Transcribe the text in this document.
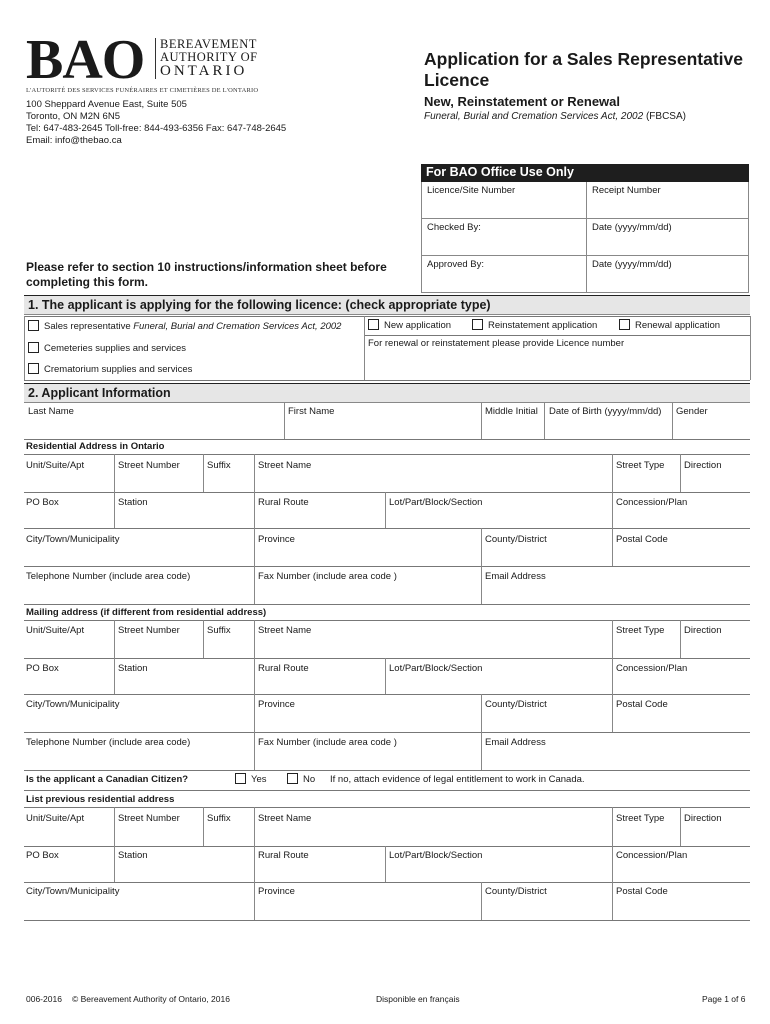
BAO BEREAVEMENT
AUTHORITY OF
ONTARIO
L'AUTORITÉ DES SERVICES FUNÉRAIRES ET CIMETIÈRES DE L'ONTARIO
100 Sheppard Avenue East, Suite 505
Toronto, ON M2N 6N5
Tel: 647-483-2645 Toll-free: 844-493-6356 Fax: 647-748-2645
Email: info@thebao.ca
Application for a Sales Representative Licence
New, Reinstatement or Renewal
Funeral, Burial and Cremation Services Act, 2002 (FBCSA)
For BAO Office Use Only
Licence/Site Number	Receipt Number
Checked By:	Date (yyyy/mm/dd)
Approved By:	Date (yyyy/mm/dd)
Please refer to section 10 instructions/information sheet before completing this form.
1. The applicant is applying for the following licence: (check appropriate type)
Sales representative Funeral, Burial and Cremation Services Act, 2002
Cemeteries supplies and services
Crematorium supplies and services
New application	Reinstatement application	Renewal application
For renewal or reinstatement please provide Licence number
2. Applicant Information
Last Name	First Name	Middle Initial Date of Birth (yyyy/mm/dd) Gender
Residential Address in Ontario
Unit/Suite/Apt	Street Number	Suffix	Street Name	Street Type Direction
PO Box	Station	Rural Route	Lot/Part/Block/Section	Concession/Plan
City/Town/Municipality	Province	County/District	Postal Code
Telephone Number (include area code)	Fax Number (include area code )	Email Address
Mailing address (if different from residential address)
Unit/Suite/Apt	Street Number	Suffix	Street Name	Street Type Direction
PO Box	Station	Rural Route	Lot/Part/Block/Section	Concession/Plan
City/Town/Municipality	Province	County/District	Postal Code
Telephone Number (include area code)	Fax Number (include area code )	Email Address
Is the applicant a Canadian Citizen?	Yes	No If no, attach evidence of legal entitlement to work in Canada.
List previous residential address
Unit/Suite/Apt	Street Number	Suffix	Street Name	Street Type Direction
PO Box	Station	Rural Route	Lot/Part/Block/Section	Concession/Plan
City/Town/Municipality	Province	County/District	Postal Code
006-2016 © Bereavement Authority of Ontario, 2016	Disponible en français	Page 1 of 6
